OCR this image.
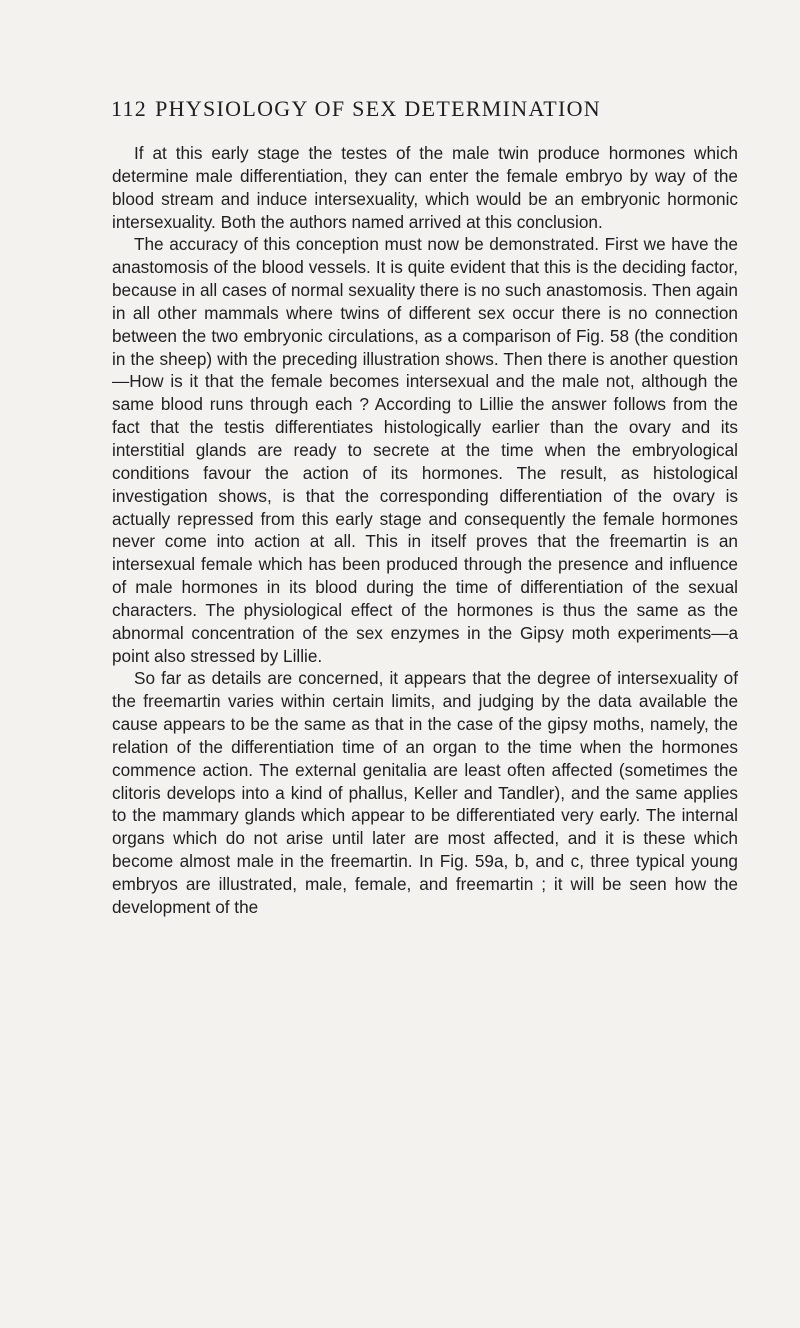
112 PHYSIOLOGY OF SEX DETERMINATION

If at this early stage the testes of the male twin produce hormones which determine male differentiation, they can enter the female embryo by way of the blood stream and induce intersexuality, which would be an embryonic hormonic intersexuality. Both the authors named arrived at this conclusion.

The accuracy of this conception must now be demonstrated. First we have the anastomosis of the blood vessels. It is quite evident that this is the deciding factor, because in all cases of normal sexuality there is no such anastomosis. Then again in all other mammals where twins of different sex occur there is no connection between the two embryonic circulations, as a comparison of Fig. 58 (the condition in the sheep) with the preceding illustration shows. Then there is another question—How is it that the female becomes intersexual and the male not, although the same blood runs through each ? According to Lillie the answer follows from the fact that the testis differentiates histologically earlier than the ovary and its interstitial glands are ready to secrete at the time when the embryological conditions favour the action of its hormones. The result, as histological investigation shows, is that the corresponding differentiation of the ovary is actually repressed from this early stage and consequently the female hormones never come into action at all. This in itself proves that the freemartin is an intersexual female which has been produced through the presence and influence of male hormones in its blood during the time of differentiation of the sexual characters. The physiological effect of the hormones is thus the same as the abnormal concentration of the sex enzymes in the Gipsy moth experiments—a point also stressed by Lillie.

So far as details are concerned, it appears that the degree of intersexuality of the freemartin varies within certain limits, and judging by the data available the cause appears to be the same as that in the case of the gipsy moths, namely, the relation of the differentiation time of an organ to the time when the hormones commence action. The external genitalia are least often affected (sometimes the clitoris develops into a kind of phallus, Keller and Tandler), and the same applies to the mammary glands which appear to be differentiated very early. The internal organs which do not arise until later are most affected, and it is these which become almost male in the freemartin. In Fig. 59a, b, and c, three typical young embryos are illustrated, male, female, and freemartin ; it will be seen how the development of the
